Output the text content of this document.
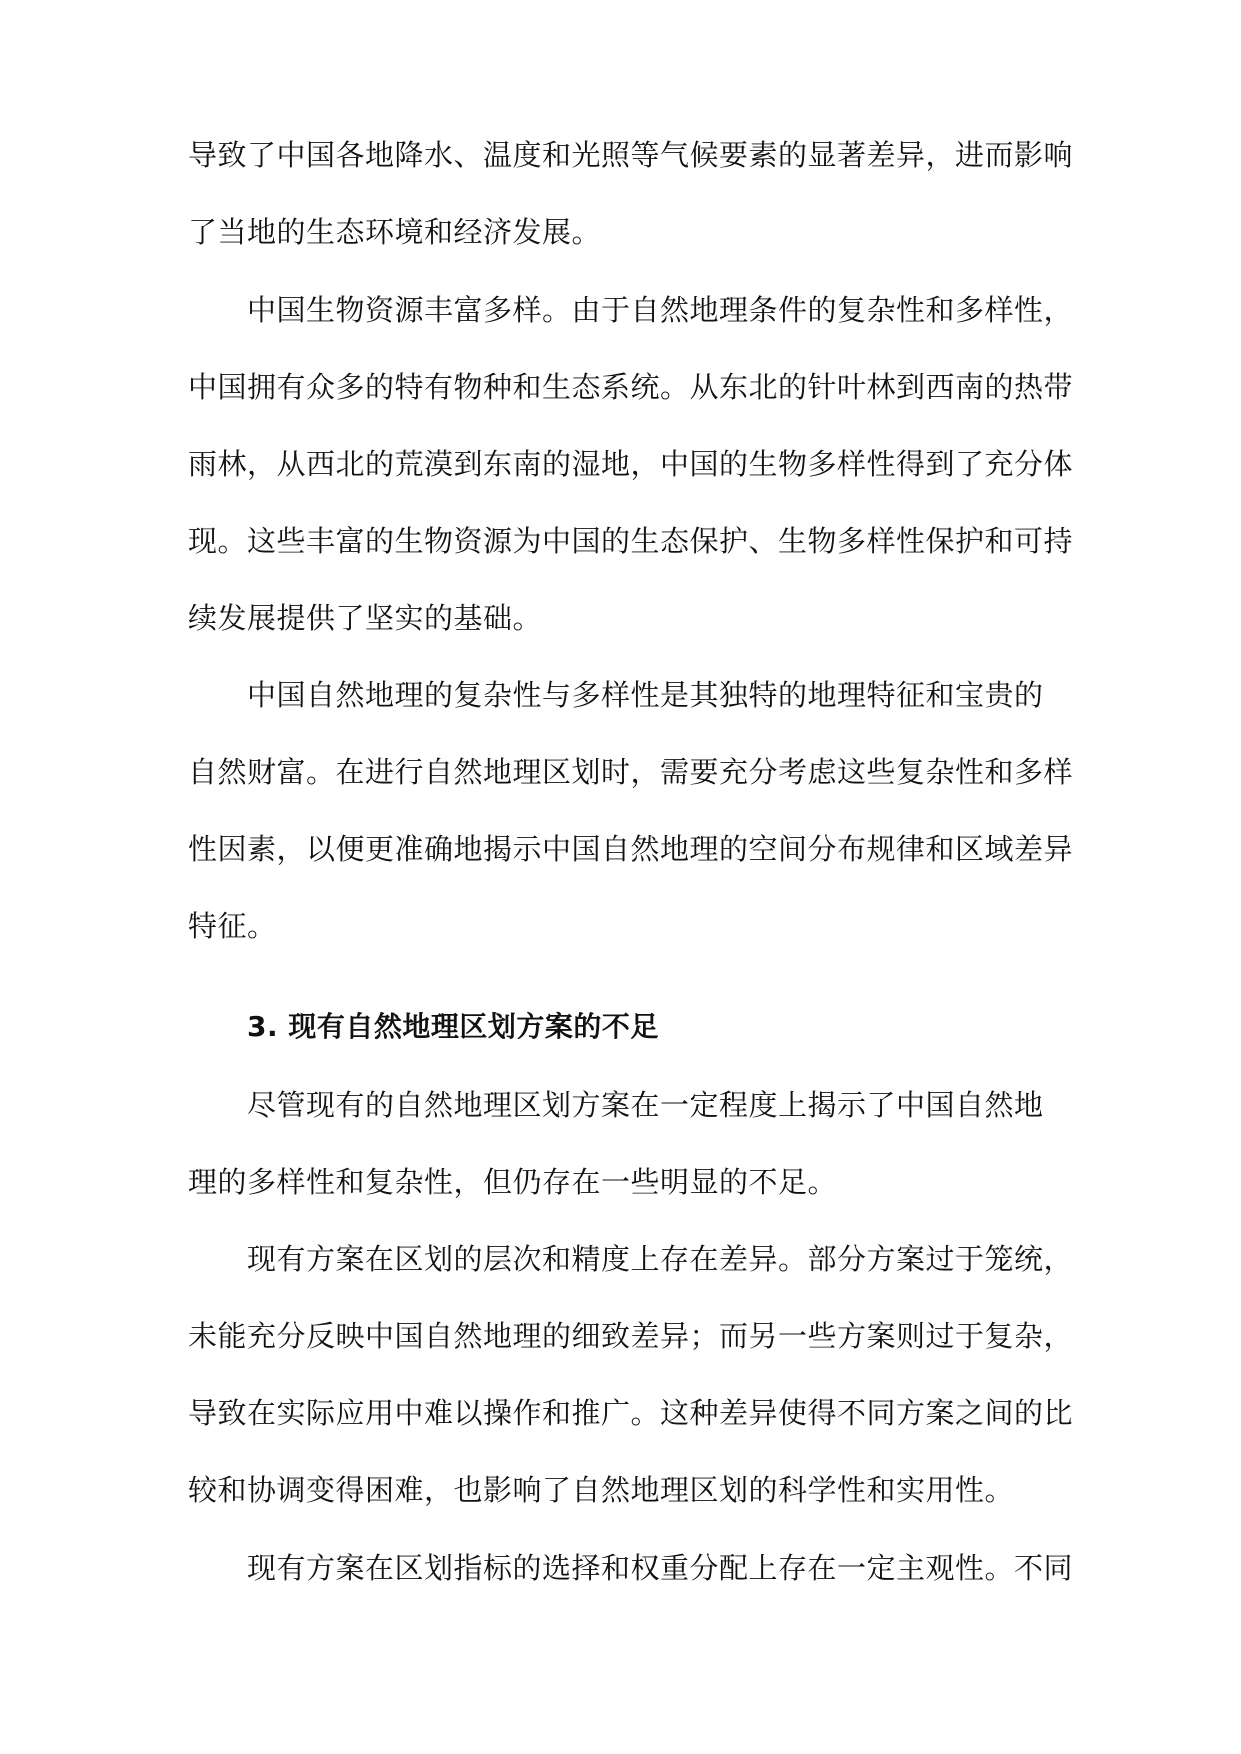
导致了中国各地降水、温度和光照等气候要素的显著差异，进而影响
了当地的生态环境和经济发展。
中国生物资源丰富多样。由于自然地理条件的复杂性和多样性，
中国拥有众多的特有物种和生态系统。从东北的针叶林到西南的热带
雨林，从西北的荒漠到东南的湿地，中国的生物多样性得到了充分体
现。这些丰富的生物资源为中国的生态保护、生物多样性保护和可持
续发展提供了坚实的基础。
中国自然地理的复杂性与多样性是其独特的地理特征和宝贵的
自然财富。在进行自然地理区划时，需要充分考虑这些复杂性和多样
性因素，以便更准确地揭示中国自然地理的空间分布规律和区域差异
特征。
3. 现有自然地理区划方案的不足
尽管现有的自然地理区划方案在一定程度上揭示了中国自然地
理的多样性和复杂性，但仍存在一些明显的不足。
现有方案在区划的层次和精度上存在差异。部分方案过于笼统，
未能充分反映中国自然地理的细致差异；而另一些方案则过于复杂，
导致在实际应用中难以操作和推广。这种差异使得不同方案之间的比
较和协调变得困难，也影响了自然地理区划的科学性和实用性。
现有方案在区划指标的选择和权重分配上存在一定主观性。不同
